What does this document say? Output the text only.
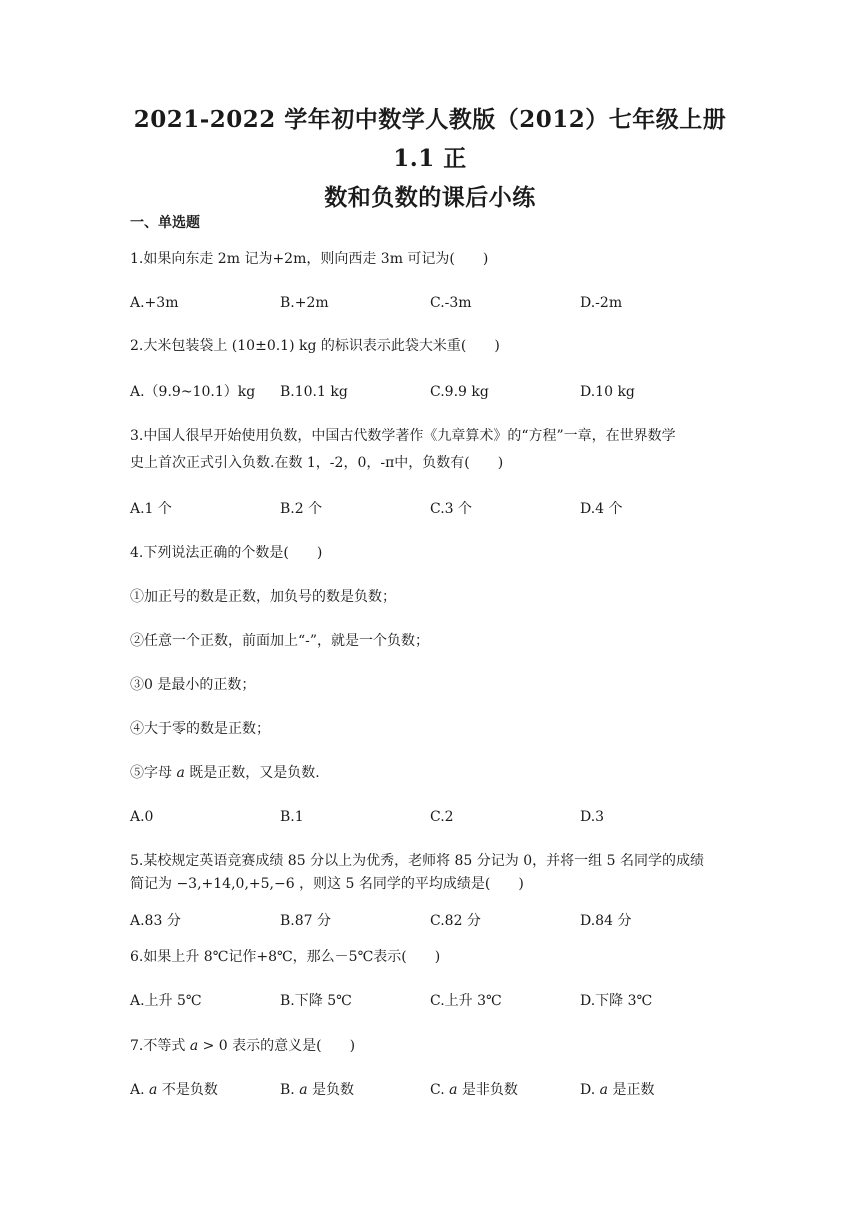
2021-2022 学年初中数学人教版（2012）七年级上册 1.1 正
数和负数的课后小练
一、单选题
1.如果向东走 2m 记为+2m，则向西走 3m 可记为(　　)
A.+3m	B.+2m	C.-3m	D.-2m
2.大米包装袋上 (10±0.1) kg 的标识表示此袋大米重(　　)
A.（9.9~10.1）kg B.10.1 kg	C.9.9 kg	D.10 kg
3.中国人很早开始使用负数，中国古代数学著作《九章算术》的“方程”一章，在世界数学
史上首次正式引入负数.在数 1，-2，0，-π中，负数有(　　)
A.1 个	B.2 个	C.3 个	D.4 个
4.下列说法正确的个数是(　　)
①加正号的数是正数，加负号的数是负数；
②任意一个正数，前面加上“-”，就是一个负数；
③0 是最小的正数；
④大于零的数是正数；
⑤字母 a 既是正数，又是负数.
A.0	B.1	C.2	D.3
5.某校规定英语竞赛成绩 85 分以上为优秀，老师将 85 分记为 0，并将一组 5 名同学的成绩
简记为 −3,+14,0,+5,−6 ，则这 5 名同学的平均成绩是(　　)
A.83 分	B.87 分	C.82 分	D.84 分
6.如果上升 8℃记作+8℃，那么－5℃表示(　　)
A.上升 5℃	B.下降 5℃	C.上升 3℃	D.下降 3℃
7.不等式 a > 0 表示的意义是(　　)
A. a 不是负数	B. a 是负数	C. a 是非负数	D. a 是正数
